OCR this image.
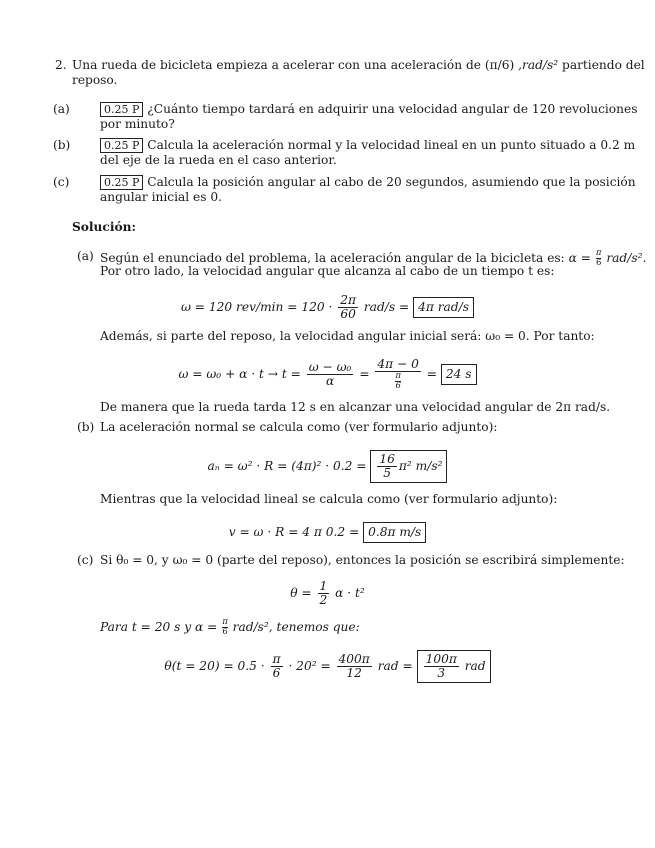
2. Una rueda de bicicleta empieza a acelerar con una aceleración de (π/6) ,rad/s² partiendo del
reposo.
(a)	0.25 P ¿Cuánto tiempo tardará en adquirir una velocidad angular de 120 revoluciones
por minuto?
(b)	0.25 P Calcula la aceleración normal y la velocidad lineal en un punto situado a 0.2 m
del eje de la rueda en el caso anterior.
(c)	0.25 P Calcula la posición angular al cabo de 20 segundos, asumiendo que la posición
angular inicial es 0.
Solución:
(a) Según el enunciado del problema, la aceleración angular de la bicicleta es: $\alpha = \frac{\pi}{6} rad/s^2$.
Por otro lado, la velocidad angular que alcanza al cabo de un tiempo t es:
ω = 120 $rev/\min = 120 \cdot \frac{2\pi}{60} rad/s = 4\pi$ rad/s
Además, si parte del reposo, la velocidad angular inicial será: ω₀ = 0. Por tanto:
$\omega = \omega_0 + \alpha \cdot t \to t = \frac{\text{ω − ω₀}}{\alpha} = \frac{4\pi - 0}{\frac{\pi}{6}} = 24$ s
De manera que la rueda tarda 12 s en alcanzar una velocidad angular de 2π rad/s.
(b) La aceleración normal se calcula como (ver formulario adjunto):
$a_n = \omega^2 \cdot R = (4\pi)^2 \cdot 0.2 = \frac{16}{5} \pi^2$ m/s²
Mientras que la velocidad lineal se calcula como (ver formulario adjunto):
v = ω · R = 4 π 0.2 = 0.8π m/s
(c) Si θ₀ = 0, y ω₀ = 0 (parte del reposo), entonces la posición se escribirá simplemente:
$\theta = \frac{1}{2}$ α · t²
Para t = 20 s y $\alpha = \frac{\pi}{6} rad/s^2$, tenemos que:
$\theta(t = 20) = 0.5 \cdot \frac{\pi}{6} \cdot 20^2 = \frac{400\pi}{12}$ rad = $\frac{100\pi}{3}$ rad
